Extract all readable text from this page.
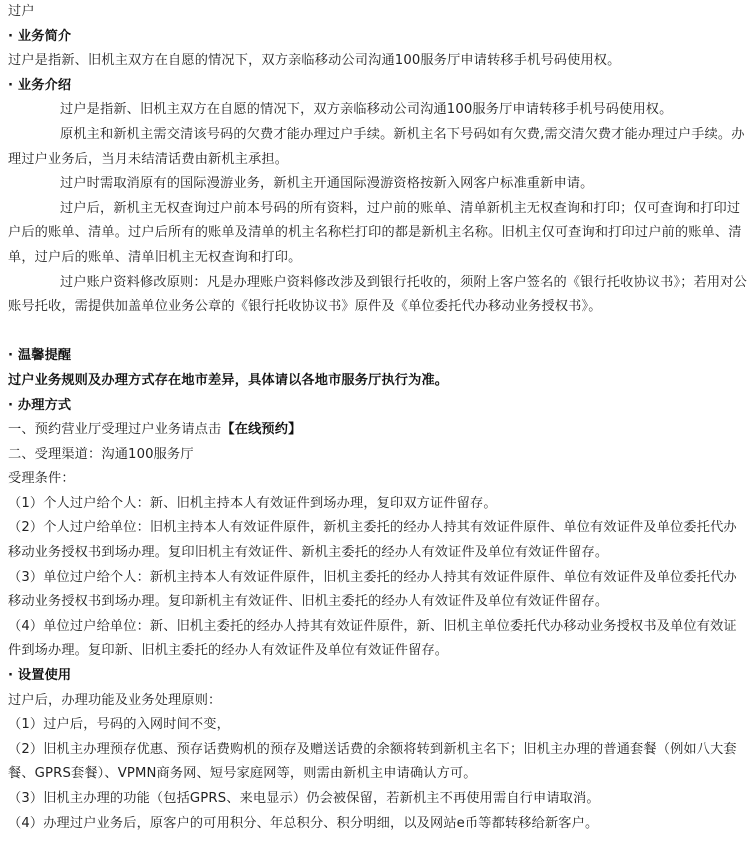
过户

· 业务简介

过户是指新、旧机主双方在自愿的情况下，双方亲临移动公司沟通100服务厅申请转移手机号码使用权。

· 业务介绍

过户是指新、旧机主双方在自愿的情况下，双方亲临移动公司沟通100服务厅申请转移手机号码使用权。

原机主和新机主需交清该号码的欠费才能办理过户手续。新机主名下号码如有欠费,需交清欠费才能办理过户手续。办理过户业务后，当月未结清话费由新机主承担。

过户时需取消原有的国际漫游业务，新机主开通国际漫游资格按新入网客户标准重新申请。

过户后，新机主无权查询过户前本号码的所有资料，过户前的账单、清单新机主无权查询和打印；仅可查询和打印过户后的账单、清单。过户后所有的账单及清单的机主名称栏打印的都是新机主名称。旧机主仅可查询和打印过户前的账单、清单，过户后的账单、清单旧机主无权查询和打印。

过户账户资料修改原则：凡是办理账户资料修改涉及到银行托收的，须附上客户签名的《银行托收协议书》；若用对公账号托收，需提供加盖单位业务公章的《银行托收协议书》原件及《单位委托代办移动业务授权书》。

· 温馨提醒

过户业务规则及办理方式存在地市差异，具体请以各地市服务厅执行为准。

· 办理方式

一、预约营业厅受理过户业务请点击【在线预约】

二、受理渠道：沟通100服务厅

受理条件：

（1）个人过户给个人：新、旧机主持本人有效证件到场办理，复印双方证件留存。

（2）个人过户给单位：旧机主持本人有效证件原件，新机主委托的经办人持其有效证件原件、单位有效证件及单位委托代办移动业务授权书到场办理。复印旧机主有效证件、新机主委托的经办人有效证件及单位有效证件留存。

（3）单位过户给个人：新机主持本人有效证件原件，旧机主委托的经办人持其有效证件原件、单位有效证件及单位委托代办移动业务授权书到场办理。复印新机主有效证件、旧机主委托的经办人有效证件及单位有效证件留存。

（4）单位过户给单位：新、旧机主委托的经办人持其有效证件原件，新、旧机主单位委托代办移动业务授权书及单位有效证件到场办理。复印新、旧机主委托的经办人有效证件及单位有效证件留存。

· 设置使用

过户后，办理功能及业务处理原则：

（1）过户后，号码的入网时间不变，

（2）旧机主办理预存优惠、预存话费购机的预存及赠送话费的余额将转到新机主名下；旧机主办理的普通套餐（例如八大套餐、GPRS套餐）、VPMN商务网、短号家庭网等，则需由新机主申请确认方可。

（3）旧机主办理的功能（包括GPRS、来电显示）仍会被保留，若新机主不再使用需自行申请取消。

（4）办理过户业务后，原客户的可用积分、年总积分、积分明细，以及网站e币等都转移给新客户。
